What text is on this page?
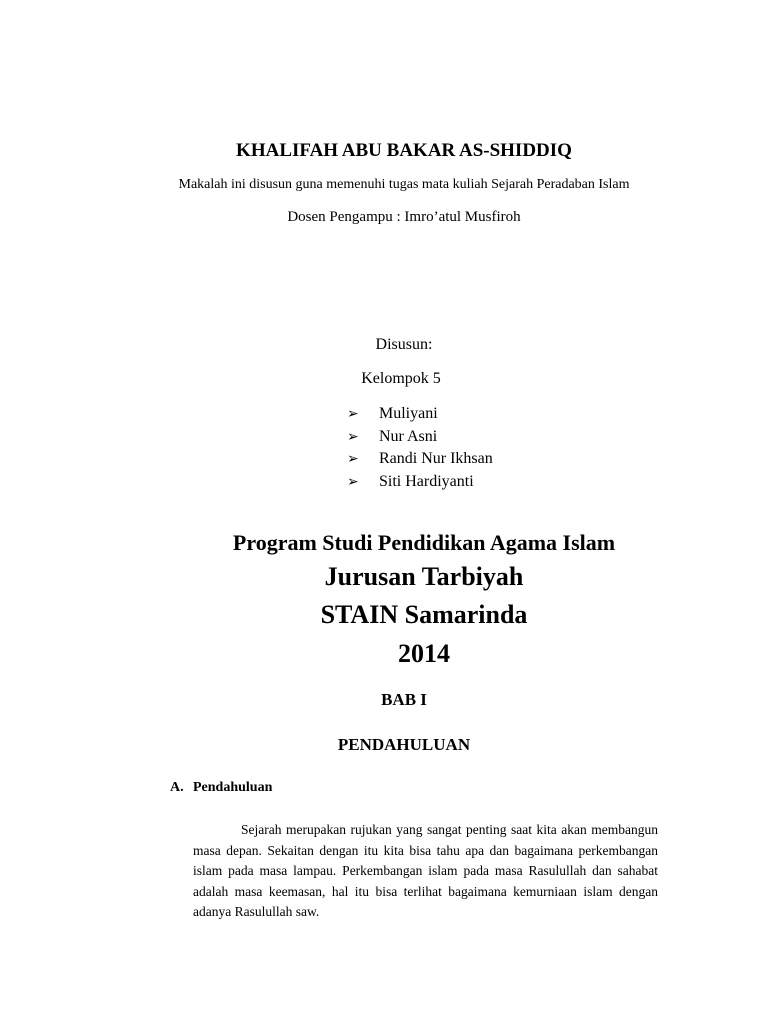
KHALIFAH ABU BAKAR AS-SHIDDIQ
Makalah ini disusun guna memenuhi tugas mata kuliah Sejarah Peradaban Islam
Dosen Pengampu : Imro’atul Musfiroh
Disusun:
Kelompok 5
➢	Muliyani
➢	Nur Asni
➢	Randi Nur Ikhsan
➢	Siti Hardiyanti
Program Studi Pendidikan Agama Islam
Jurusan Tarbiyah
STAIN Samarinda
2014
BAB I
PENDAHULUAN
A. Pendahuluan

Sejarah merupakan rujukan yang sangat penting saat kita akan membangun masa depan. Sekaitan dengan itu kita bisa tahu apa dan bagaimana perkembangan islam pada masa lampau. Perkembangan islam pada masa Rasulullah dan sahabat adalah masa keemasan, hal itu bisa terlihat bagaimana kemurniaan islam dengan adanya Rasulullah saw.
